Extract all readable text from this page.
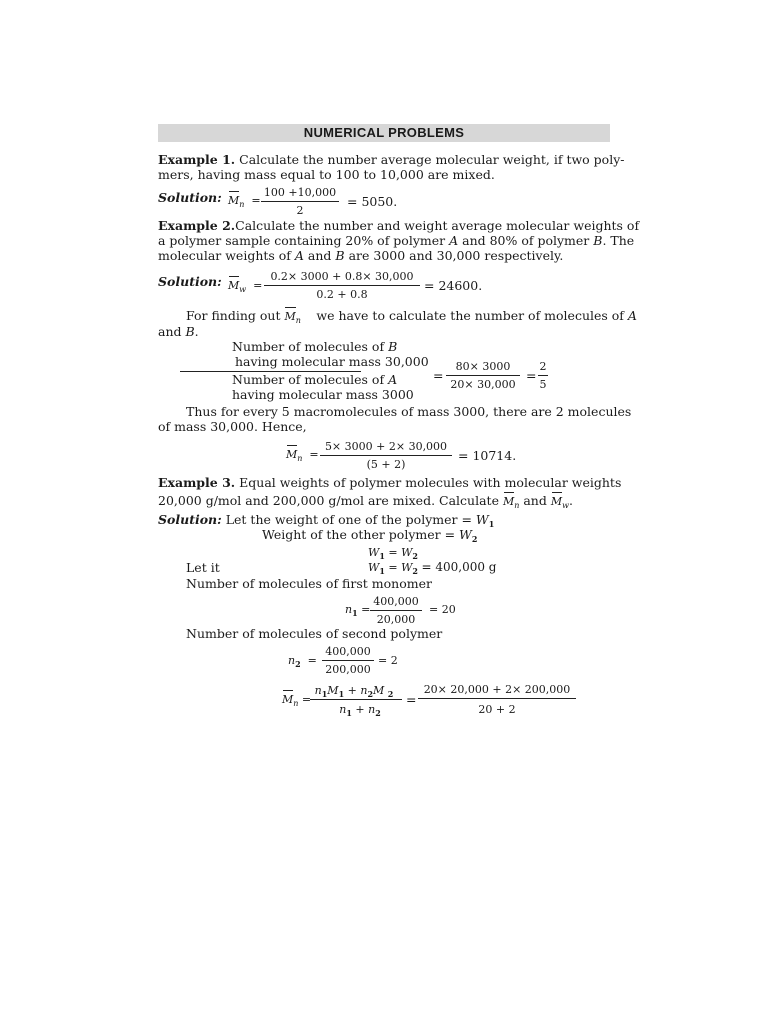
NUMERICAL PROBLEMS
Example 1. Calculate the number average molecular weight, if two poly-
mers, having mass equal to 100 to 10,000 are mixed.
Solution: $M_n$  =
100 +10,000
2
= 5050.
Example 2.Calculate the number and weight average molecular weights of
a polymer sample containing 20% of polymer A and 80% of polymer B. The
molecular weights of A and B are 3000 and 30,000 respectively.
Solution: $M_w$  =
0.2× 3000 + 0.8× 30,000
0.2 + 0.8
= 24600.
For finding out $M_n$ we have to calculate the number of molecules of A
and B.
Number of molecules of B
having molecular mass 30,000
Number of molecules of A
having molecular mass 3000
=
80× 3000
20× 30,000
=
2
5
Thus for every 5 macromolecules of mass 3000, there are 2 molecules
of mass 30,000. Hence,
$M_n$  =
5× 3000 + 2× 30,000
(5 + 2)
= 10714.
Example 3. Equal weights of polymer molecules with molecular weights
20,000 g/mol and 200,000 g/mol are mixed. Calculate $M_n$ and $M_w$.
Solution: Let the weight of one of the polymer = $W_1$
Weight of the other polymer = $W_2$
$W_1 = W_2$
Let it	$W_1 = W_2 = 400,000$ g
Number of molecules of first monomer
$n_1$ =
400,000
20,000
= 20
Number of molecules of second polymer
$n_2$  =
400,000
200,000
= 2
$M_n$ =
$n_1M_1 + n_2M$ $_2$
$n_1 + n_2$
=
20× 20,000 + 2× 200,000
20 + 2
